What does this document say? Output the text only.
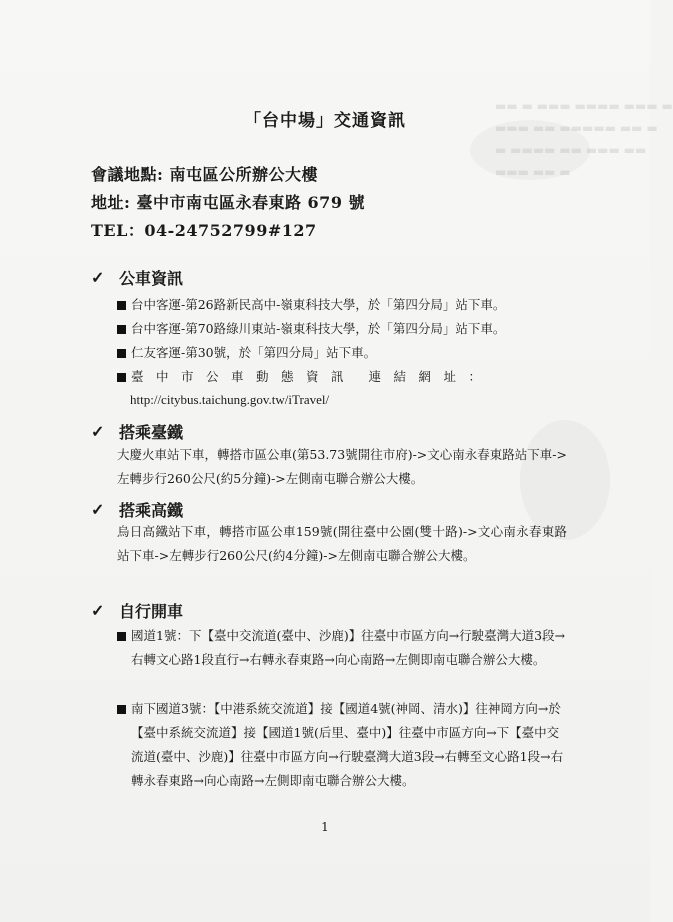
▬▬ ▬ ▬▬▬ ▬▬▬▬ ▬▬▬ ▬
▬▬▬ ▬▬ ▬▬▬▬▬ ▬▬ ▬
▬ ▬▬▬▬ ▬▬ ▬▬▬ ▬▬
▬▬▬ ▬▬ ▬
「台中場」交通資訊
會議地點: 南屯區公所辦公大樓
地址: 臺中市南屯區永春東路 679 號
TEL：04-24752799#127
✓ 公車資訊
台中客運-第26路新民高中-嶺東科技大學，於「第四分局」站下車。
台中客運-第70路綠川東站-嶺東科技大學，於「第四分局」站下車。
仁友客運-第30號，於「第四分局」站下車。
臺　中　市　公　車　動　態　資　訊　　連　結　網　址　：
http://citybus.taichung.gov.tw/iTravel/
✓ 搭乘臺鐵
大慶火車站下車，轉搭市區公車(第53.73號開往市府)->文心南永春東路站下車->左轉步行260公尺(約5分鐘)->左側南屯聯合辦公大樓。
✓ 搭乘高鐵
烏日高鐵站下車，轉搭市區公車159號(開往臺中公園(雙十路)->文心南永春東路站下車->左轉步行260公尺(約4分鐘)->左側南屯聯合辦公大樓。
✓ 自行開車
國道1號：下【臺中交流道(臺中、沙鹿)】往臺中市區方向→行駛臺灣大道3段→右轉文心路1段直行→右轉永春東路→向心南路→左側即南屯聯合辦公大樓。
南下國道3號：【中港系統交流道】接【國道4號(神岡、清水)】往神岡方向→於【臺中系統交流道】接【國道1號(后里、臺中)】往臺中市區方向→下【臺中交流道(臺中、沙鹿)】往臺中市區方向→行駛臺灣大道3段→右轉至文心路1段→右轉永春東路→向心南路→左側即南屯聯合辦公大樓。
1
